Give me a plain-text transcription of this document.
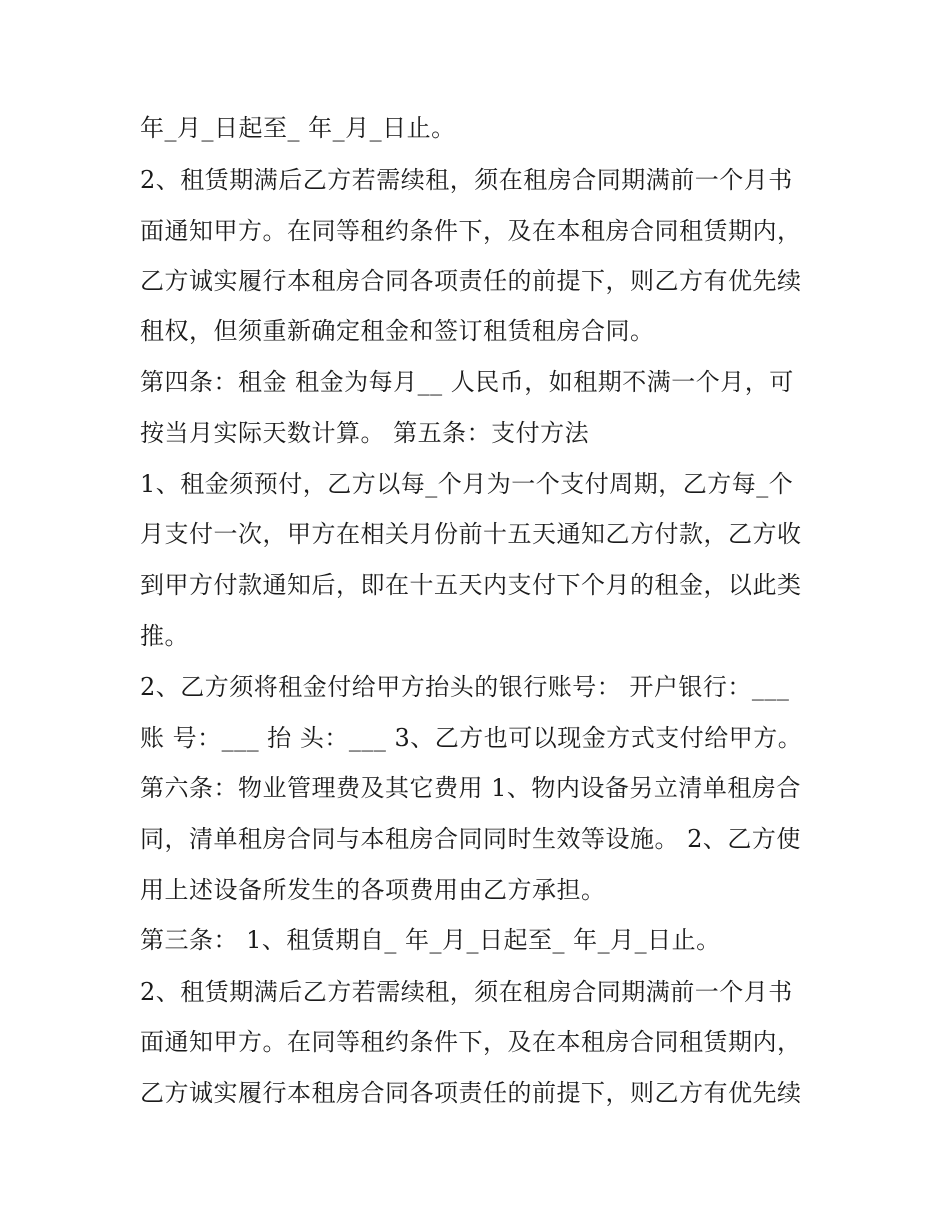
年_月_日起至_ 年_月_日止。
2、租赁期满后乙方若需续租，须在租房合同期满前一个月书
面通知甲方。在同等租约条件下，及在本租房合同租赁期内，
乙方诚实履行本租房合同各项责任的前提下，则乙方有优先续
租权，但须重新确定租金和签订租赁租房合同。
第四条：租金 租金为每月__ 人民币，如租期不满一个月，可
按当月实际天数计算。 第五条：支付方法
1、租金须预付，乙方以每_个月为一个支付周期，乙方每_个
月支付一次，甲方在相关月份前十五天通知乙方付款，乙方收
到甲方付款通知后，即在十五天内支付下个月的租金，以此类
推。
2、乙方须将租金付给甲方抬头的银行账号： 开户银行：___
账 号：___ 抬 头：___ 3、乙方也可以现金方式支付给甲方。
第六条：物业管理费及其它费用 1、物内设备另立清单租房合
同，清单租房合同与本租房合同同时生效等设施。 2、乙方使
用上述设备所发生的各项费用由乙方承担。
第三条： 1、租赁期自_ 年_月_日起至_ 年_月_日止。
2、租赁期满后乙方若需续租，须在租房合同期满前一个月书
面通知甲方。在同等租约条件下，及在本租房合同租赁期内，
乙方诚实履行本租房合同各项责任的前提下，则乙方有优先续
